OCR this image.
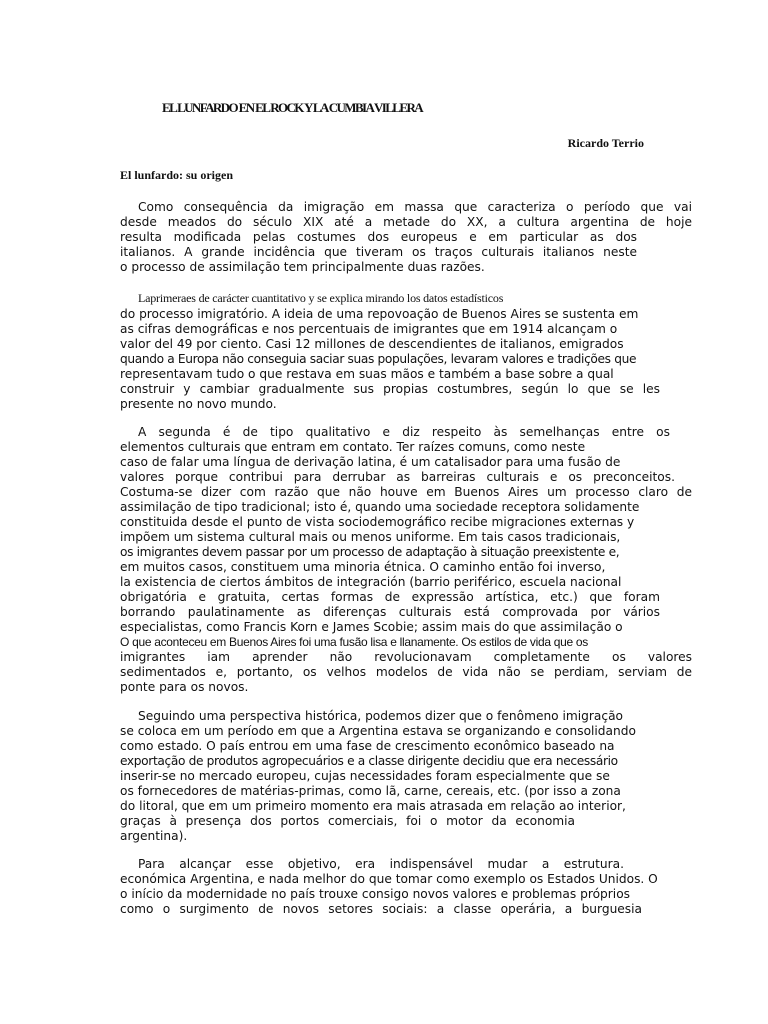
EL LUNFARDO EN EL ROCK Y LA CUMBIA VILLERA
Ricardo Terrio
El lunfardo: su origen
Como consequência da imigração em massa que caracteriza o período que vai
desde meados do século XIX até a metade do XX, a cultura argentina de hoje
resulta modificada pelas costumes dos europeus e em particular as dos
italianos. A grande incidência que tiveram os traços culturais italianos neste
o processo de assimilação tem principalmente duas razões.
Laprimeraes de carácter cuantitativo y se explica mirando los datos estadísticos
do processo imigratório. A ideia de uma repovoação de Buenos Aires se sustenta em
as cifras demográficas e nos percentuais de imigrantes que em 1914 alcançam o
valor del 49 por ciento. Casi 12 millones de descendientes de italianos, emigrados
quando a Europa não conseguia saciar suas populações, levaram valores e tradições que
representavam tudo o que restava em suas mãos e também a base sobre a qual
construir y cambiar gradualmente sus propias costumbres, según lo que se les
presente no novo mundo.
A segunda é de tipo qualitativo e diz respeito às semelhanças entre os
elementos culturais que entram em contato. Ter raízes comuns, como neste
caso de falar uma língua de derivação latina, é um catalisador para uma fusão de
valores porque contribui para derrubar as barreiras culturais e os preconceitos.
Costuma-se dizer com razão que não houve em Buenos Aires um processo claro de
assimilação de tipo tradicional; isto é, quando uma sociedade receptora solidamente
constituida desde el punto de vista sociodemográfico recibe migraciones externas y
impõem um sistema cultural mais ou menos uniforme. Em tais casos tradicionais,
os imigrantes devem passar por um processo de adaptação à situação preexistente e,
em muitos casos, constituem uma minoria étnica. O caminho então foi inverso,
la existencia de ciertos ámbitos de integración (barrio periférico, escuela nacional
obrigatória e gratuita, certas formas de expressão artística, etc.) que foram
borrando paulatinamente as diferenças culturais está comprovada por vários
especialistas, como Francis Korn e James Scobie; assim mais do que assimilação o
O que aconteceu em Buenos Aires foi uma fusão lisa e llanamente. Os estilos de vida que os
imigrantes iam aprender não revolucionavam completamente os valores
sedimentados e, portanto, os velhos modelos de vida não se perdiam, serviam de
ponte para os novos.
Seguindo uma perspectiva histórica, podemos dizer que o fenômeno imigração
se coloca em um período em que a Argentina estava se organizando e consolidando
como estado. O país entrou em uma fase de crescimento econômico baseado na
exportação de produtos agropecuários e a classe dirigente decidiu que era necessário
inserir-se no mercado europeu, cujas necessidades foram especialmente que se
os fornecedores de matérias-primas, como lã, carne, cereais, etc. (por isso a zona
do litoral, que em um primeiro momento era mais atrasada em relação ao interior,
graças à presença dos portos comerciais, foi o motor da economia
argentina).
Para alcançar esse objetivo, era indispensável mudar a estrutura.
económica Argentina, e nada melhor do que tomar como exemplo os Estados Unidos. O
o início da modernidade no país trouxe consigo novos valores e problemas próprios
como o surgimento de novos setores sociais: a classe operária, a burguesia
